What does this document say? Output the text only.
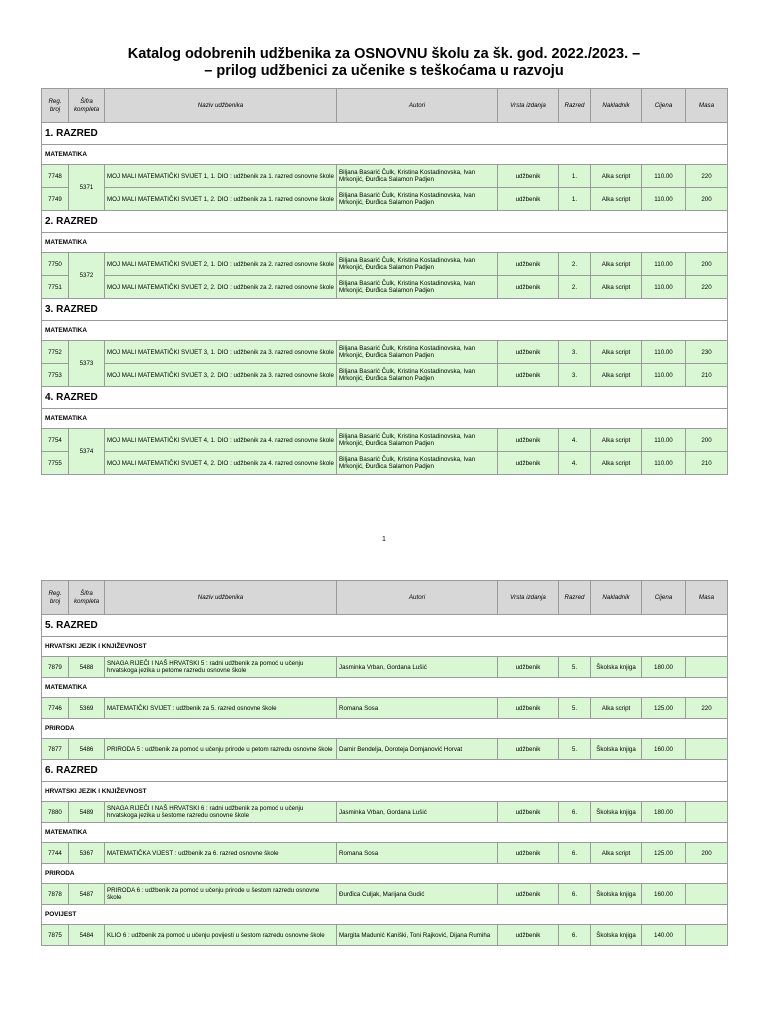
Katalog odobrenih udžbenika za OSNOVNU školu za šk. god. 2022./2023. –
– prilog udžbenici za učenike s teškoćama u razvoju
Reg. broj	Šifra kompleta	Naziv udžbenika	Autori	Vrsta izdanja	Razred	Nakladnik	Cijena	Masa
1. RAZRED								
MATEMATIKA								
7748	5371	MOJ MALI MATEMATIČKI SVIJET 1, 1. DIO : udžbenik za 1. razred osnovne škole	Biljana Basarić Čulk, Kristina Kostadinovska, Ivan Mrkonjić, Đurđica Salamon Padjen	udžbenik	1.	Alka script	110.00	220
7749		MOJ MALI MATEMATIČKI SVIJET 1, 2. DIO : udžbenik za 1. razred osnovne škole	Biljana Basarić Čulk, Kristina Kostadinovska, Ivan Mrkonjić, Đurđica Salamon Padjen	udžbenik	1.	Alka script	110.00	200
2. RAZRED								
MATEMATIKA								
7750	5372	MOJ MALI MATEMATIČKI SVIJET 2, 1. DIO : udžbenik za 2. razred osnovne škole	Biljana Basarić Čulk, Kristina Kostadinovska, Ivan Mrkonjić, Đurđica Salamon Padjen	udžbenik	2.	Alka script	110.00	200
7751		MOJ MALI MATEMATIČKI SVIJET 2, 2. DIO : udžbenik za 2. razred osnovne škole	Biljana Basarić Čulk, Kristina Kostadinovska, Ivan Mrkonjić, Đurđica Salamon Padjen	udžbenik	2.	Alka script	110.00	220
3. RAZRED								
MATEMATIKA								
7752	5373	MOJ MALI MATEMATIČKI SVIJET 3, 1. DIO : udžbenik za 3. razred osnovne škole	Biljana Basarić Čulk, Kristina Kostadinovska, Ivan Mrkonjić, Đurđica Salamon Padjen	udžbenik	3.	Alka script	110.00	230
7753		MOJ MALI MATEMATIČKI SVIJET 3, 2. DIO : udžbenik za 3. razred osnovne škole	Biljana Basarić Čulk, Kristina Kostadinovska, Ivan Mrkonjić, Đurđica Salamon Padjen	udžbenik	3.	Alka script	110.00	210
4. RAZRED								
MATEMATIKA								
7754	5374	MOJ MALI MATEMATIČKI SVIJET 4, 1. DIO : udžbenik za 4. razred osnovne škole	Biljana Basarić Čulk, Kristina Kostadinovska, Ivan Mrkonjić, Đurđica Salamon Padjen	udžbenik	4.	Alka script	110.00	200
7755		MOJ MALI MATEMATIČKI SVIJET 4, 2. DIO : udžbenik za 4. razred osnovne škole	Biljana Basarić Čulk, Kristina Kostadinovska, Ivan Mrkonjić, Đurđica Salamon Padjen	udžbenik	4.	Alka script	110.00	210
1
Reg. broj	Šifra kompleta	Naziv udžbenika	Autori	Vrsta izdanja	Razred	Nakladnik	Cijena	Masa
5. RAZRED								
HRVATSKI JEZIK I KNJIŽEVNOST								
7879	5488	SNAGA RIJEČI I NAŠ HRVATSKI 5 : radni udžbenik za pomoć u učenju hrvatskoga jezika u petome razredu osnovne škole	Jasminka Vrban, Gordana Lušić	udžbenik	5.	Školska knjiga	180.00	
MATEMATIKA								
7746	5369	MATEMATIČKI SVIJET : udžbenik za 5. razred osnovne škole	Romana Sosa	udžbenik	5.	Alka script	125.00	220
PRIRODA								
7877	5486	PRIRODA 5 : udžbenik za pomoć u učenju prirode u petom razredu osnovne škole	Damir Bendelja, Doroteja Domjanović Horvat	udžbenik	5.	Školska knjiga	160.00	
6. RAZRED								
HRVATSKI JEZIK I KNJIŽEVNOST								
7880	5489	SNAGA RIJEČI I NAŠ HRVATSKI 6 : radni udžbenik za pomoć u učenju hrvatskoga jezika u šestome razredu osnovne škole	Jasminka Vrban, Gordana Lušić	udžbenik	6.	Školska knjiga	180.00	
MATEMATIKA								
7744	5367	MATEMATIČKA VIJEST : udžbenik za 6. razred osnovne škole	Romana Sosa	udžbenik	6.	Alka script	125.00	200
PRIRODA								
7878	5487	PRIRODA 6 : udžbenik za pomoć u učenju prirode u šestom razredu osnovne škole	Đurđica Culjak, Marijana Gudić	udžbenik	6.	Školska knjiga	160.00	
POVIJEST								
7875	5484	KLIO 6 : udžbenik za pomoć u učenju povijesti u šestom razredu osnovne škole	Margita Madunić Kaniški, Toni Rajković, Dijana Rumiha	udžbenik	6.	Školska knjiga	140.00	
